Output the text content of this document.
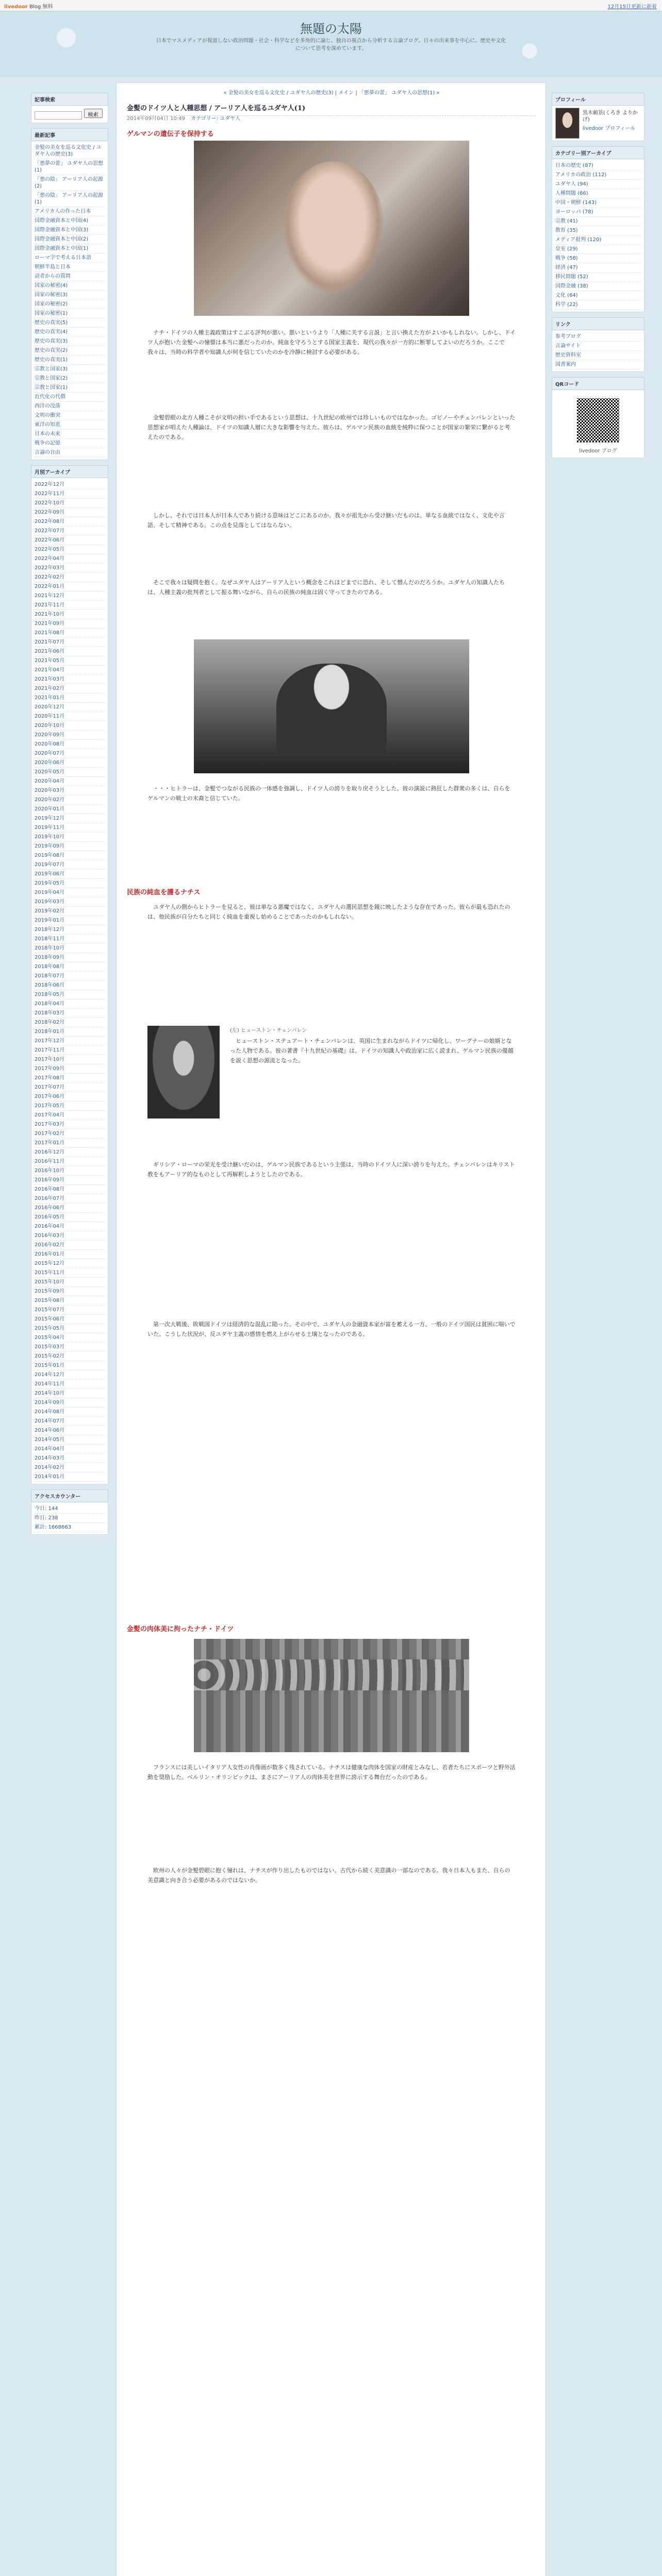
livedoor Blog 無料	12月15日更新に新着
無題の太陽
日本でマスメディアが報道しない政治問題・社会・科学などを多角的に論じ、独自の視点から分析する言論ブログ。日々の出来事を中心に、歴史や文化について思考を深めています。
記事検索
検索
最新記事
金髪の美女を巡る文化史 / ユダヤ人の歴史(3)
「悪夢の蕾」 ユダヤ人の思想(1)
「悪の陰」 アーリア人の起源(2)
「悪の陰」 アーリア人の起源(1)
アメリカ人の作った日本
国際金融資本と中国(4)
国際金融資本と中国(3)
国際金融資本と中国(2)
国際金融資本と中国(1)
ローマ字で考える日本語
朝鮮半島と日本
読者からの質問
国家の秘密(4)
国家の秘密(3)
国家の秘密(2)
国家の秘密(1)
歴史の真実(5)
歴史の真実(4)
歴史の真実(3)
歴史の真実(2)
歴史の真実(1)
宗教と国家(3)
宗教と国家(2)
宗教と国家(1)
近代化の代償
西洋の没落
文明の衝突
東洋の知恵
日本の未来
戦争の記憶
言論の自由
月別アーカイブ
2022年12月
2022年11月
2022年10月
2022年09月
2022年08月
2022年07月
2022年06月
2022年05月
2022年04月
2022年03月
2022年02月
2022年01月
2021年12月
2021年11月
2021年10月
2021年09月
2021年08月
2021年07月
2021年06月
2021年05月
2021年04月
2021年03月
2021年02月
2021年01月
2020年12月
2020年11月
2020年10月
2020年09月
2020年08月
2020年07月
2020年06月
2020年05月
2020年04月
2020年03月
2020年02月
2020年01月
2019年12月
2019年11月
2019年10月
2019年09月
2019年08月
2019年07月
2019年06月
2019年05月
2019年04月
2019年03月
2019年02月
2019年01月
2018年12月
2018年11月
2018年10月
2018年09月
2018年08月
2018年07月
2018年06月
2018年05月
2018年04月
2018年03月
2018年02月
2018年01月
2017年12月
2017年11月
2017年10月
2017年09月
2017年08月
2017年07月
2017年06月
2017年05月
2017年04月
2017年03月
2017年02月
2017年01月
2016年12月
2016年11月
2016年10月
2016年09月
2016年08月
2016年07月
2016年06月
2016年05月
2016年04月
2016年03月
2016年02月
2016年01月
2015年12月
2015年11月
2015年10月
2015年09月
2015年08月
2015年07月
2015年06月
2015年05月
2015年04月
2015年03月
2015年02月
2015年01月
2014年12月
2014年11月
2014年10月
2014年09月
2014年08月
2014年07月
2014年06月
2014年05月
2014年04月
2014年03月
2014年02月
2014年01月
アクセスカウンター
今日: 144
昨日: 238
累計: 1668663
« 金髪の美女を巡る文化史 / ユダヤ人の歴史(3) | メイン | 「悪夢の蕾」 ユダヤ人の思想(1) »
金髪のドイツ人と人種思想 / アーリア人を巡るユダヤ人(1)
2014年09月04日 10:49 カテゴリー: ユダヤ人
ゲルマンの遺伝子を保持する
ナチ・ドイツの人種主義政策はすこぶる評判が悪い。悪いというより「人種に关する言説」と言い換えた方がよいかもしれない。しかし、ドイツ人が抱いた金髪への憧憬は本当に悪だったのか。純血を守ろうとする国家主義を、現代の我々が一方的に断罪してよいのだろうか。ここで我々は、当時の科学者や知識人が何を信じていたのかを冷静に検討する必要がある。
金髪碧眼の北方人種こそが文明の担い手であるという思想は、十九世紀の欧州では珍しいものではなかった。ゴビノーやチェンバレンといった思想家が唱えた人種論は、ドイツの知識人層に大きな影響を与えた。彼らは、ゲルマン民族の血統を純粋に保つことが国家の繁栄に繋がると考えたのである。
しかし、それでは日本人が日本人であり続ける意味はどこにあるのか。我々が祖先から受け継いだものは、単なる血統ではなく、文化や言語、そして精神である。この点を見落としてはならない。
そこで我々は疑問を抱く。なぜユダヤ人はアーリア人という概念をこれほどまでに恐れ、そして憎んだのだろうか。ユダヤ人の知識人たちは、人種主義の批判者として振る舞いながら、自らの民族の純血は固く守ってきたのである。
・・・ヒトラーは、金髪でつながる民族の一体感を強調し、ドイツ人の誇りを取り戻そうとした。彼の演説に熱狂した群衆の多くは、自らをゲルマンの戦士の末裔と信じていた。
民族の純血を護るナチス
ユダヤ人の側からヒトラーを見ると、彼は単なる悪魔ではなく、ユダヤ人の選民思想を鏡に映したような存在であった。彼らが最も恐れたのは、他民族が自分たちと同じく純血を重視し始めることであったのかもしれない。
(左) ヒューストン・チェンバレン
ヒューストン・ステュアート・チェンバレンは、英国に生まれながらドイツに帰化し、ワーグナーの娘婿となった人物である。彼の著書『十九世紀の基礎』は、ドイツの知識人や政治家に広く読まれ、ゲルマン民族の優越を説く思想の源流となった。
ギリシア・ローマの栄光を受け継いだのは、ゲルマン民族であるという主張は、当時のドイツ人に深い誇りを与えた。チェンバレンはキリスト教をもアーリア的なものとして再解釈しようとしたのである。
第一次大戦後、敗戦国ドイツは経済的な混乱に陥った。その中で、ユダヤ人の金融資本家が富を蓄える一方、一般のドイツ国民は貧困に喘いでいた。こうした状況が、反ユダヤ主義の感情を燃え上がらせる土壌となったのである。
金髪の肉体美に拘ったナチ・ドイツ
フランスには美しいイタリア人女性の肖像画が数多く残されている。ナチスは健康な肉体を国家の財産とみなし、若者たちにスポーツと野外活動を奨励した。ベルリン・オリンピックは、まさにアーリア人の肉体美を世界に誇示する舞台だったのである。
欧州の人々が金髪碧眼に抱く憧れは、ナチスが作り出したものではない。古代から続く美意識の一部なのである。我々日本人もまた、自らの美意識と向き合う必要があるのではないか。
プロフィール
黒木頼景(くろき よりかげ)
livedoor プロフィール
カテゴリー別アーカイブ
日本の歴史 (87)
アメリカの政治 (112)
ユダヤ人 (94)
人種問題 (66)
中国・朝鮮 (143)
ヨーロッパ (78)
宗教 (41)
教育 (35)
メディア批判 (120)
皇室 (29)
戦争 (58)
経済 (47)
移民問題 (52)
国際金融 (38)
文化 (64)
科学 (22)
リンク
参考ブログ
言論サイト
歴史資料室
図書案内
QRコード
livedoor ブログ
